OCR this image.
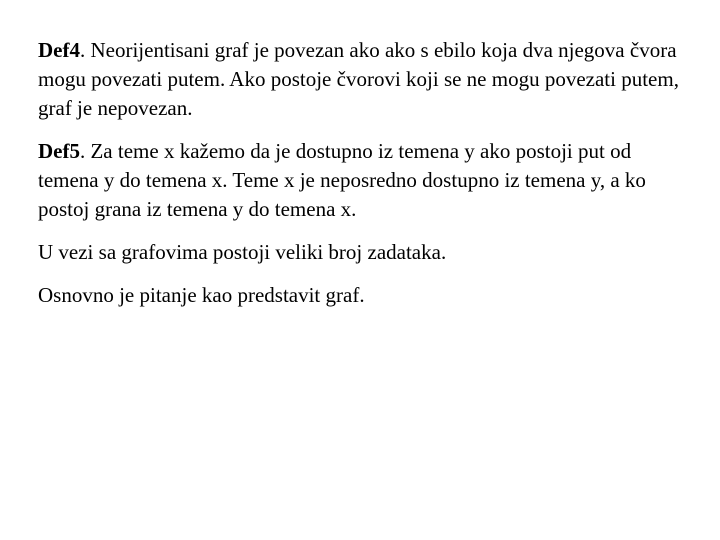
Def4. Neorijentisani graf je povezan ako ako s ebilo koja dva njegova čvora mogu povezati putem. Ako postoje čvorovi koji se ne mogu povezati putem, graf je nepovezan.

Def5. Za teme x kažemo da je dostupno iz temena y ako postoji put od temena y do temena x. Teme x je neposredno dostupno iz temena y, a ko postoj grana iz temena y do temena x.

U vezi sa grafovima postoji veliki broj zadataka.

Osnovno je pitanje kao predstavit graf.
